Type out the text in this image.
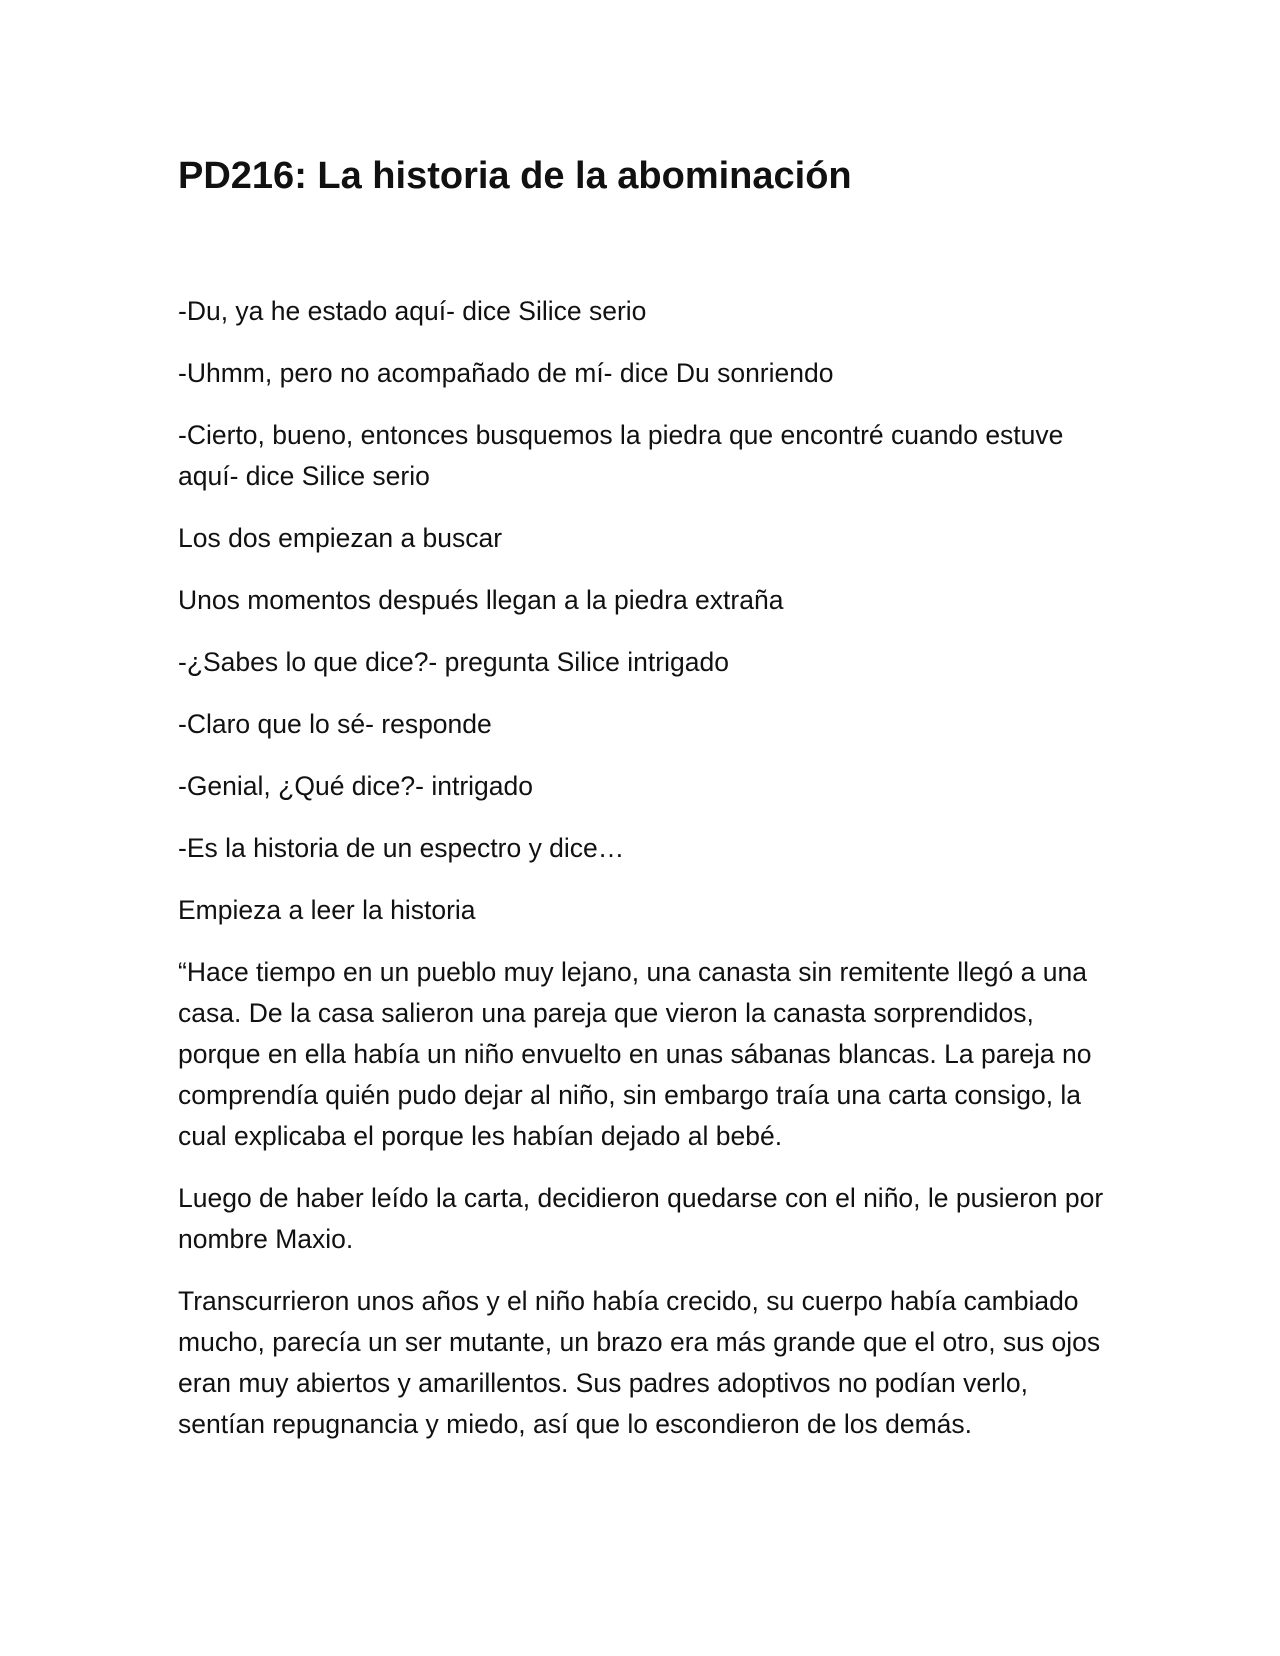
PD216: La historia de la abominación

-Du, ya he estado aquí- dice Silice serio

-Uhmm, pero no acompañado de mí- dice Du sonriendo

-Cierto, bueno, entonces busquemos la piedra que encontré cuando estuve aquí- dice Silice serio

Los dos empiezan a buscar

Unos momentos después llegan a la piedra extraña

-¿Sabes lo que dice?- pregunta Silice intrigado

-Claro que lo sé- responde

-Genial, ¿Qué dice?- intrigado

-Es la historia de un espectro y dice…

Empieza a leer la historia

“Hace tiempo en un pueblo muy lejano, una canasta sin remitente llegó a una casa. De la casa salieron una pareja que vieron la canasta sorprendidos, porque en ella había un niño envuelto en unas sábanas blancas. La pareja no comprendía quién pudo dejar al niño, sin embargo traía una carta consigo, la cual explicaba el porque les habían dejado al bebé.

Luego de haber leído la carta, decidieron quedarse con el niño, le pusieron por nombre Maxio.

Transcurrieron unos años y el niño había crecido, su cuerpo había cambiado mucho, parecía un ser mutante, un brazo era más grande que el otro, sus ojos eran muy abiertos y amarillentos. Sus padres adoptivos no podían verlo, sentían repugnancia y miedo, así que lo escondieron de los demás.
